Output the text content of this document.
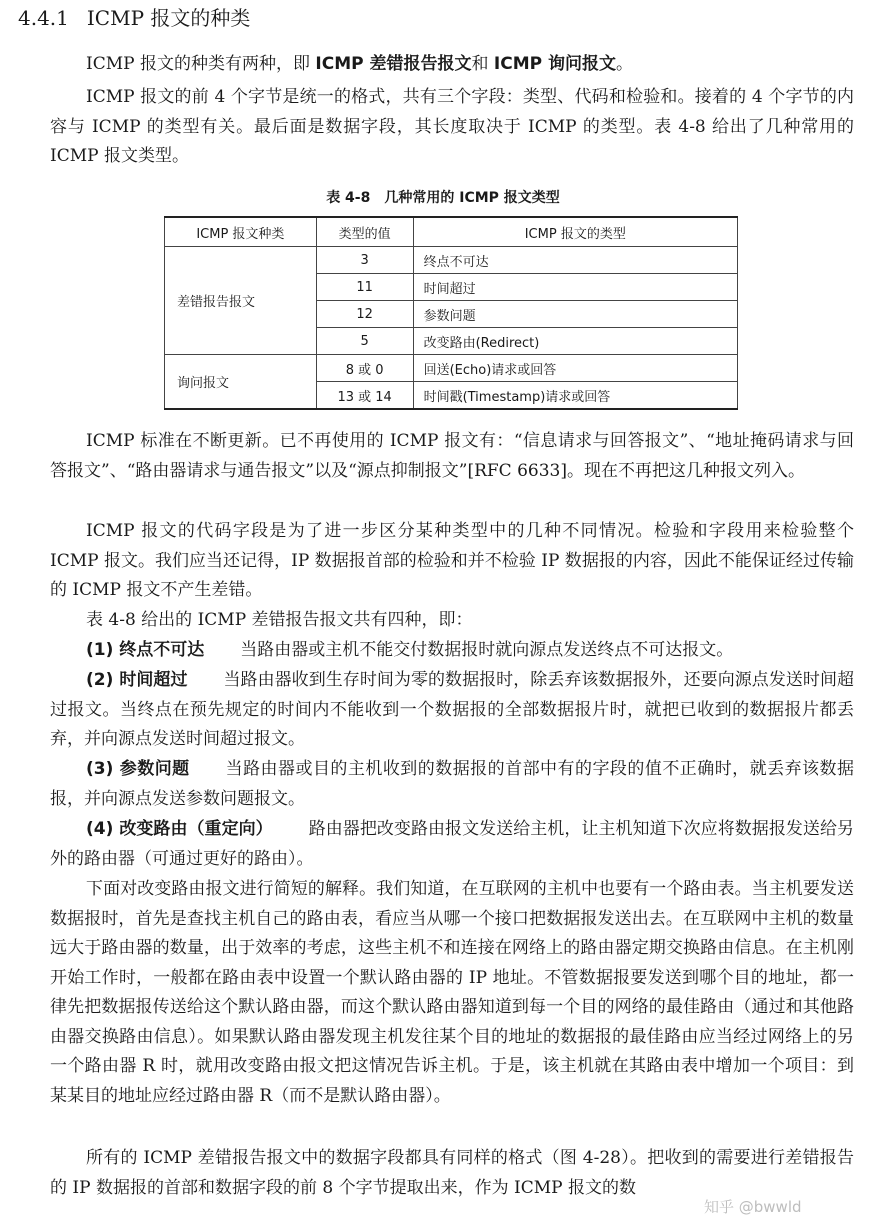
4.4.1 ICMP 报文的种类

ICMP 报文的种类有两种，即 ICMP 差错报告报文和 ICMP 询问报文。

ICMP 报文的前 4 个字节是统一的格式，共有三个字段：类型、代码和检验和。接着的 4 个字节的内容与 ICMP 的类型有关。最后面是数据字段，其长度取决于 ICMP 的类型。表 4-8 给出了几种常用的 ICMP 报文类型。

表 4-8 几种常用的 ICMP 报文类型
ICMP 报文种类	类型的值	ICMP 报文的类型
差错报告报文	3	终点不可达
	11	时间超过
	12	参数问题
	5	改变路由(Redirect)
询问报文	8 或 0	回送(Echo)请求或回答
	13 或 14	时间戳(Timestamp)请求或回答

ICMP 标准在不断更新。已不再使用的 ICMP 报文有：“信息请求与回答报文”、“地址掩码请求与回答报文”、“路由器请求与通告报文”以及“源点抑制报文”[RFC 6633]。现在不再把这几种报文列入。

ICMP 报文的代码字段是为了进一步区分某种类型中的几种不同情况。检验和字段用来检验整个 ICMP 报文。我们应当还记得，IP 数据报首部的检验和并不检验 IP 数据报的内容，因此不能保证经过传输的 ICMP 报文不产生差错。

表 4-8 给出的 ICMP 差错报告报文共有四种，即：

(1) 终点不可达 当路由器或主机不能交付数据报时就向源点发送终点不可达报文。

(2) 时间超过 当路由器收到生存时间为零的数据报时，除丢弃该数据报外，还要向源点发送时间超过报文。当终点在预先规定的时间内不能收到一个数据报的全部数据报片时，就把已收到的数据报片都丢弃，并向源点发送时间超过报文。

(3) 参数问题 当路由器或目的主机收到的数据报的首部中有的字段的值不正确时，就丢弃该数据报，并向源点发送参数问题报文。

(4) 改变路由（重定向） 路由器把改变路由报文发送给主机，让主机知道下次应将数据报发送给另外的路由器（可通过更好的路由）。

下面对改变路由报文进行简短的解释。我们知道，在互联网的主机中也要有一个路由表。当主机要发送数据报时，首先是查找主机自己的路由表，看应当从哪一个接口把数据报发送出去。在互联网中主机的数量远大于路由器的数量，出于效率的考虑，这些主机不和连接在网络上的路由器定期交换路由信息。在主机刚开始工作时，一般都在路由表中设置一个默认路由器的 IP 地址。不管数据报要发送到哪个目的地址，都一律先把数据报传送给这个默认路由器，而这个默认路由器知道到每一个目的网络的最佳路由（通过和其他路由器交换路由信息）。如果默认路由器发现主机发往某个目的地址的数据报的最佳路由应当经过网络上的另一个路由器 R 时，就用改变路由报文把这情况告诉主机。于是，该主机就在其路由表中增加一个项目：到某某目的地址应经过路由器 R（而不是默认路由器）。

所有的 ICMP 差错报告报文中的数据字段都具有同样的格式（图 4-28）。把收到的需要进行差错报告的 IP 数据报的首部和数据字段的前 8 个字节提取出来，作为 ICMP 报文的数

知乎 @bwwld
